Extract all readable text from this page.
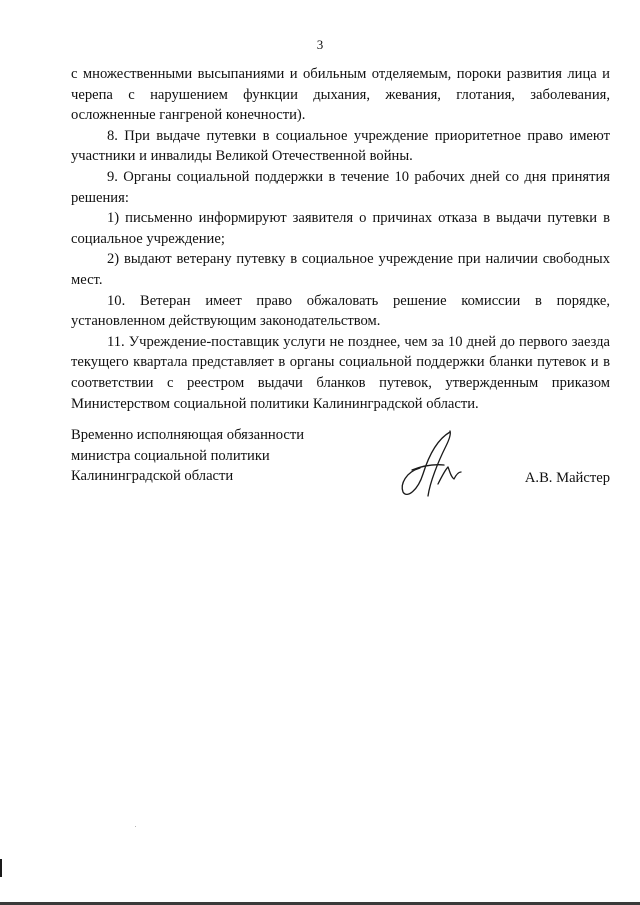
3

с множественными высыпаниями и обильным отделяемым, пороки развития лица и черепа с нарушением функции дыхания, жевания, глотания, заболевания, осложненные гангреной конечности).

8. При выдаче путевки в социальное учреждение приоритетное право имеют участники и инвалиды Великой Отечественной войны.

9. Органы социальной поддержки в течение 10 рабочих дней со дня принятия решения:

1) письменно информируют заявителя о причинах отказа в выдачи путевки в социальное учреждение;

2) выдают ветерану путевку в социальное учреждение при наличии свободных мест.

10. Ветеран имеет право обжаловать решение комиссии в порядке, установленном действующим законодательством.

11. Учреждение-поставщик услуги не позднее, чем за 10 дней до первого заезда текущего квартала представляет в органы социальной поддержки бланки путевок и в соответствии с реестром выдачи бланков путевок, утвержденным приказом Министерством социальной политики Калининградской области.

Временно исполняющая обязанности
министра социальной политики
Калининградской области	А.В. Майстер
